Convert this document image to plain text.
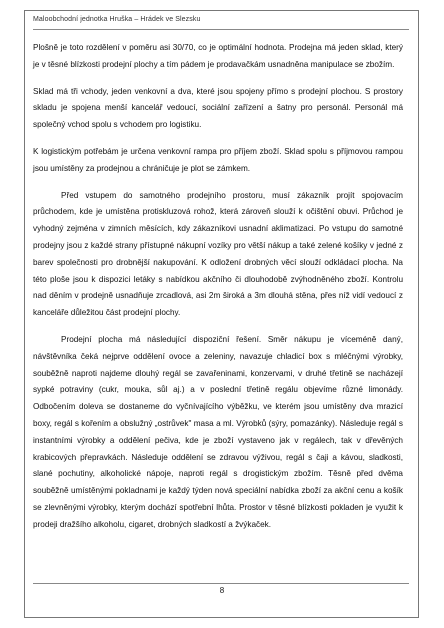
Maloobchodní jednotka Hruška – Hrádek ve Slezsku

Plošně je toto rozdělení v poměru asi 30/70, co je optimální hodnota. Prodejna má jeden sklad, který je v těsné blízkosti prodejní plochy a tím pádem je prodavačkám usnadněna manipulace se zbožím.

Sklad má tři vchody, jeden venkovní a dva, které jsou spojeny přímo s prodejní plochou. S prostory skladu je spojena menší kancelář vedoucí, sociální zařízení a šatny pro personál. Personál má společný vchod spolu s vchodem pro logistiku.

K logistickým potřebám je určena venkovní rampa pro příjem zboží. Sklad spolu s příjmovou rampou jsou umístěny za prodejnou a chráničuje je plot se zámkem.

Před vstupem do samotného prodejního prostoru, musí zákazník projít spojovacím průchodem, kde je umístěna protiskluzová rohož, která zároveň slouží k očištění obuvi. Průchod je vyhodný zejména v zimních měsících, kdy zákazníkovi usnadní aklimatizaci. Po vstupu do samotné prodejny jsou z každé strany přístupné nákupní vozíky pro větší nákup a také zelené košíky v jedné z barev společnosti pro drobnější nakupování. K odložení drobných věcí slouží odkládací plocha. Na této ploše jsou k dispozici letáky s nabídkou akčního či dlouhodobě zvýhodněného zboží. Kontrolu nad děním v prodejně usnadňuje zrcadlová, asi 2m široká a 3m dlouhá stěna, přes níž vidí vedoucí z kanceláře důležitou část prodejní plochy.

Prodejní plocha má následující dispoziční řešení. Směr nákupu je víceméně daný, návštěvníka čeká nejprve oddělení ovoce a zeleniny, navazuje chladicí box s mléčnými výrobky, souběžně naproti najdeme dlouhý regál se zavařeninami, konzervami, v druhé třetině se nacházejí sypké potraviny (cukr, mouka, sůl aj.) a v poslední třetině regálu objevíme různé limonády. Odbočením doleva se dostaneme do vyčnívajícího výběžku, ve kterém jsou umístěny dva mrazicí boxy, regál s kořením a obslužný „ostrůvek" masa a ml. Výrobků (sýry, pomazánky). Následuje regál s instantními výrobky a oddělení pečiva, kde je zboží vystaveno jak v regálech, tak v dřevěných krabicových přepravkách. Následuje oddělení se zdravou výživou, regál s čaji a kávou, sladkosti, slané pochutiny, alkoholické nápoje, naproti regál s drogistickým zbožím. Těsně před dvěma souběžně umístěnými pokladnami je každý týden nová speciální nabídka zboží za akční cenu a košík se zlevněnými výrobky, kterým dochází spotřební lhůta. Prostor v těsné blízkosti pokladen je využit k prodeji dražšího alkoholu, cigaret, drobných sladkostí a žvýkaček.

8
